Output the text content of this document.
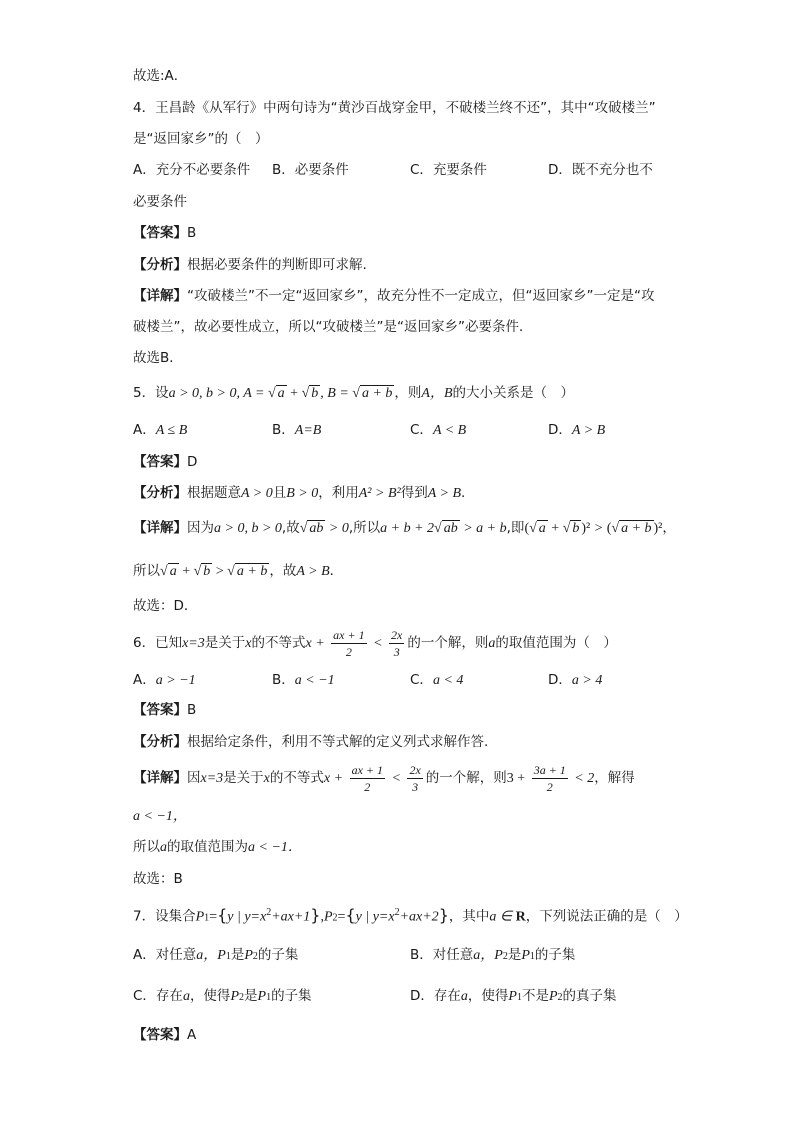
故选:A．
4．王昌龄《从军行》中两句诗为“黄沙百战穿金甲，不破楼兰终不还”，其中“攻破楼兰”
是“返回家乡”的（　）
A．充分不必要条件 B．必要条件	C．充要条件	D．既不充分也不
必要条件
【答案】B
【分析】根据必要条件的判断即可求解.
【详解】“攻破楼兰”不一定“返回家乡”，故充分性不一定成立，但“返回家乡”一定是“攻
破楼兰”，故必要性成立，所以“攻破楼兰”是“返回家乡”必要条件．
故选B．
5．设a > 0, b > 0, A = √ a + √ b , B = √ a + b ，则A，B的大小关系是（　）
A．A ≤ B	B．A=B	C．A < B	D．A > B
【答案】D
【分析】根据题意A > 0且B > 0，利用A² > B²得到A > B.
【详解】因为a > 0, b > 0,故√ ab > 0,所以a + b + 2√ ab > a + b,即(√ a + √ b )² > (√ a + b )²，
所以√ a + √ b > √ a + b ，故A > B．
故选：D．
6．已知x=3是关于x的不等式$x + \frac{ax + 1}{2} < \frac{2x}{3}$ 的一个解，则a的取值范围为（　）
A．a > −1	B．a < −1	C．a < 4	D．a > 4
【答案】B
【分析】根据给定条件，利用不等式解的定义列式求解作答.
【详解】因x=3是关于x的不等式$x + \frac{ax + 1}{2} < \frac{2x}{3}$ 的一个解，则$3 + \frac{3a + 1}{2} < 2$，解得
a < −1，
所以a的取值范围为a < −1．
故选：B
7．设集合P1={y | $y=x^2+ax+1\},P2=\{y$ | $y=x^2+ax+2$}，其中a ∈ R，下列说法正确的是（　）
A．对任意a，P1是P2的子集	B．对任意a，P2是P1的子集
C．存在a，使得P2是P1的子集	D．存在a，使得P1不是P2的真子集
【答案】A
